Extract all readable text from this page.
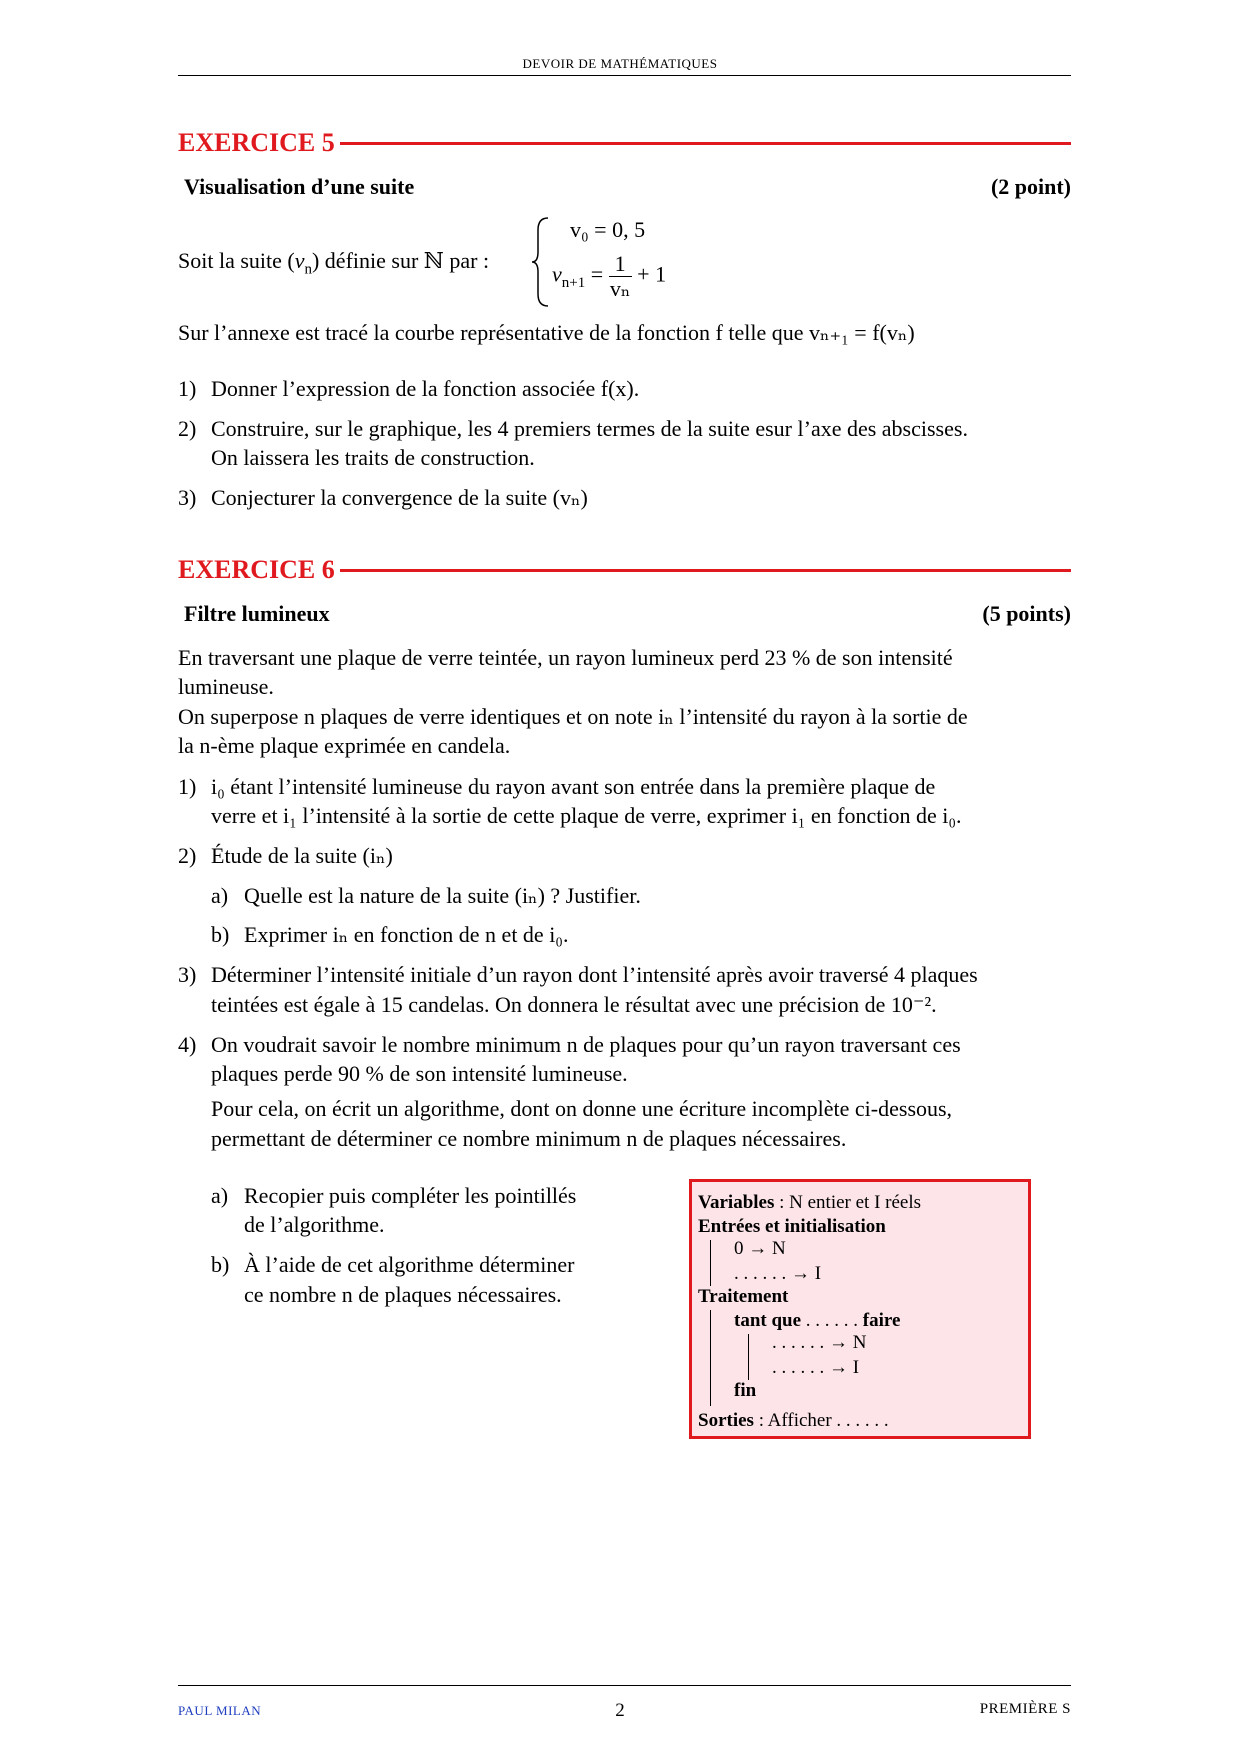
DEVOIR DE MATHÉMATIQUES
EXERCICE 5
Visualisation d’une suite	(2 point)
Soit la suite $(v_n)$ définie sur ℕ par :
v₀ = 0, 5
$v_{n+1} = \frac{1}{\text{vₙ}} + 1$
Sur l’annexe est tracé la courbe représentative de la fonction f telle que vₙ₊₁ = f(vₙ)
1) Donner l’expression de la fonction associée f(x).
2) Construire, sur le graphique, les 4 premiers termes de la suite esur l’axe des abscisses.
On laissera les traits de construction.
3) Conjecturer la convergence de la suite (vₙ)
EXERCICE 6
Filtre lumineux	(5 points)
En traversant une plaque de verre teintée, un rayon lumineux perd 23 % de son intensité
lumineuse.
On superpose n plaques de verre identiques et on note iₙ l’intensité du rayon à la sortie de
la n-ème plaque exprimée en candela.
1) i₀ étant l’intensité lumineuse du rayon avant son entrée dans la première plaque de
verre et i₁ l’intensité à la sortie de cette plaque de verre, exprimer i₁ en fonction de i₀.
2) Étude de la suite (iₙ)
a) Quelle est la nature de la suite (iₙ) ? Justifier.
b) Exprimer iₙ en fonction de n et de i₀.
3) Déterminer l’intensité initiale d’un rayon dont l’intensité après avoir traversé 4 plaques
teintées est égale à 15 candelas. On donnera le résultat avec une précision de 10⁻².
4) On voudrait savoir le nombre minimum n de plaques pour qu’un rayon traversant ces
plaques perde 90 % de son intensité lumineuse.
Pour cela, on écrit un algorithme, dont on donne une écriture incomplète ci-dessous,
permettant de déterminer ce nombre minimum n de plaques nécessaires.
a) Recopier puis compléter les pointillés
de l’algorithme.
b) À l’aide de cet algorithme déterminer
ce nombre n de plaques nécessaires.
Variables : N entier et I réels
Entrées et initialisation
0 → N
. . . . . . → I
Traitement
tant que . . . . . . faire
. . . . . . → N
. . . . . . → I
fin
Sorties : Afficher . . . . . .
PAUL MILAN	2	PREMIÈRE S
